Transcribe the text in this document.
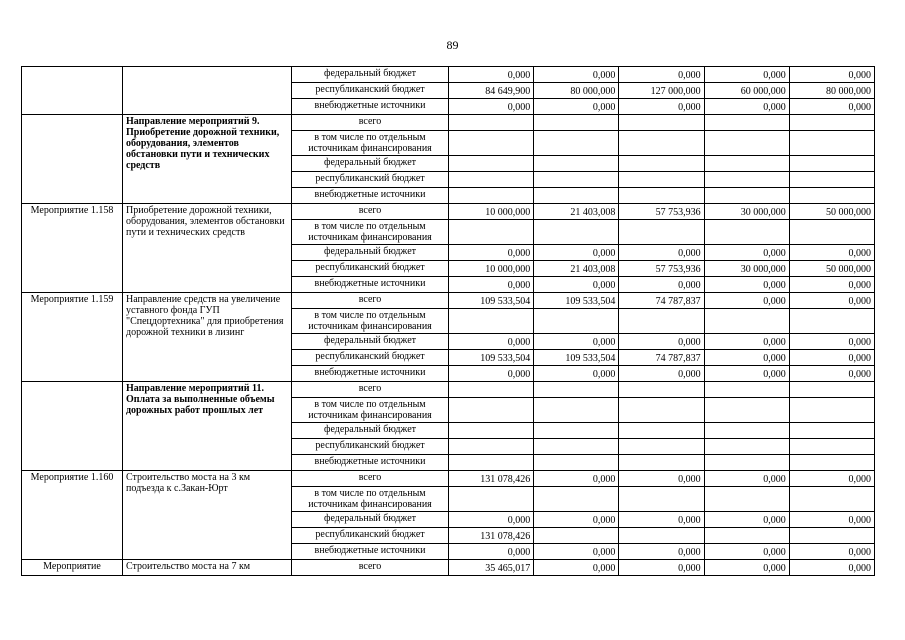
89
		федеральный бюджет	0,000	0,000	0,000	0,000	0,000
		республиканский бюджет	84 649,900	80 000,000	127 000,000	60 000,000	80 000,000
		внебюджетные источники	0,000	0,000	0,000	0,000	0,000
	Направление мероприятий 9. Приобретение дорожной техники, оборудования, элементов обстановки пути и технических средств	всего					
		в том числе по отдельным источникам финансирования					
		федеральный бюджет					
		республиканский бюджет					
		внебюджетные источники					
Мероприятие 1.158	Приобретение дорожной техники, оборудования, элементов обстановки пути и технических средств	всего	10 000,000	21 403,008	57 753,936	30 000,000	50 000,000
		в том числе по отдельным источникам финансирования					
		федеральный бюджет	0,000	0,000	0,000	0,000	0,000
		республиканский бюджет	10 000,000	21 403,008	57 753,936	30 000,000	50 000,000
		внебюджетные источники	0,000	0,000	0,000	0,000	0,000
Мероприятие 1.159	Направление средств на увеличение уставного фонда ГУП "Спецдортехника" для приобретения дорожной техники в лизинг	всего	109 533,504	109 533,504	74 787,837	0,000	0,000
		в том числе по отдельным источникам финансирования					
		федеральный бюджет	0,000	0,000	0,000	0,000	0,000
		республиканский бюджет	109 533,504	109 533,504	74 787,837	0,000	0,000
		внебюджетные источники	0,000	0,000	0,000	0,000	0,000
	Направление мероприятий 11. Оплата за выполненные объемы дорожных работ прошлых лет	всего					
		в том числе по отдельным источникам финансирования					
		федеральный бюджет					
		республиканский бюджет					
		внебюджетные источники					
Мероприятие 1.160	Строительство моста на 3 км подъезда к с.Закан-Юрт	всего	131 078,426	0,000	0,000	0,000	0,000
		в том числе по отдельным источникам финансирования					
		федеральный бюджет	0,000	0,000	0,000	0,000	0,000
		республиканский бюджет	131 078,426				
		внебюджетные источники	0,000	0,000	0,000	0,000	0,000
Мероприятие	Строительство моста на 7 км	всего	35 465,017	0,000	0,000	0,000	0,000
